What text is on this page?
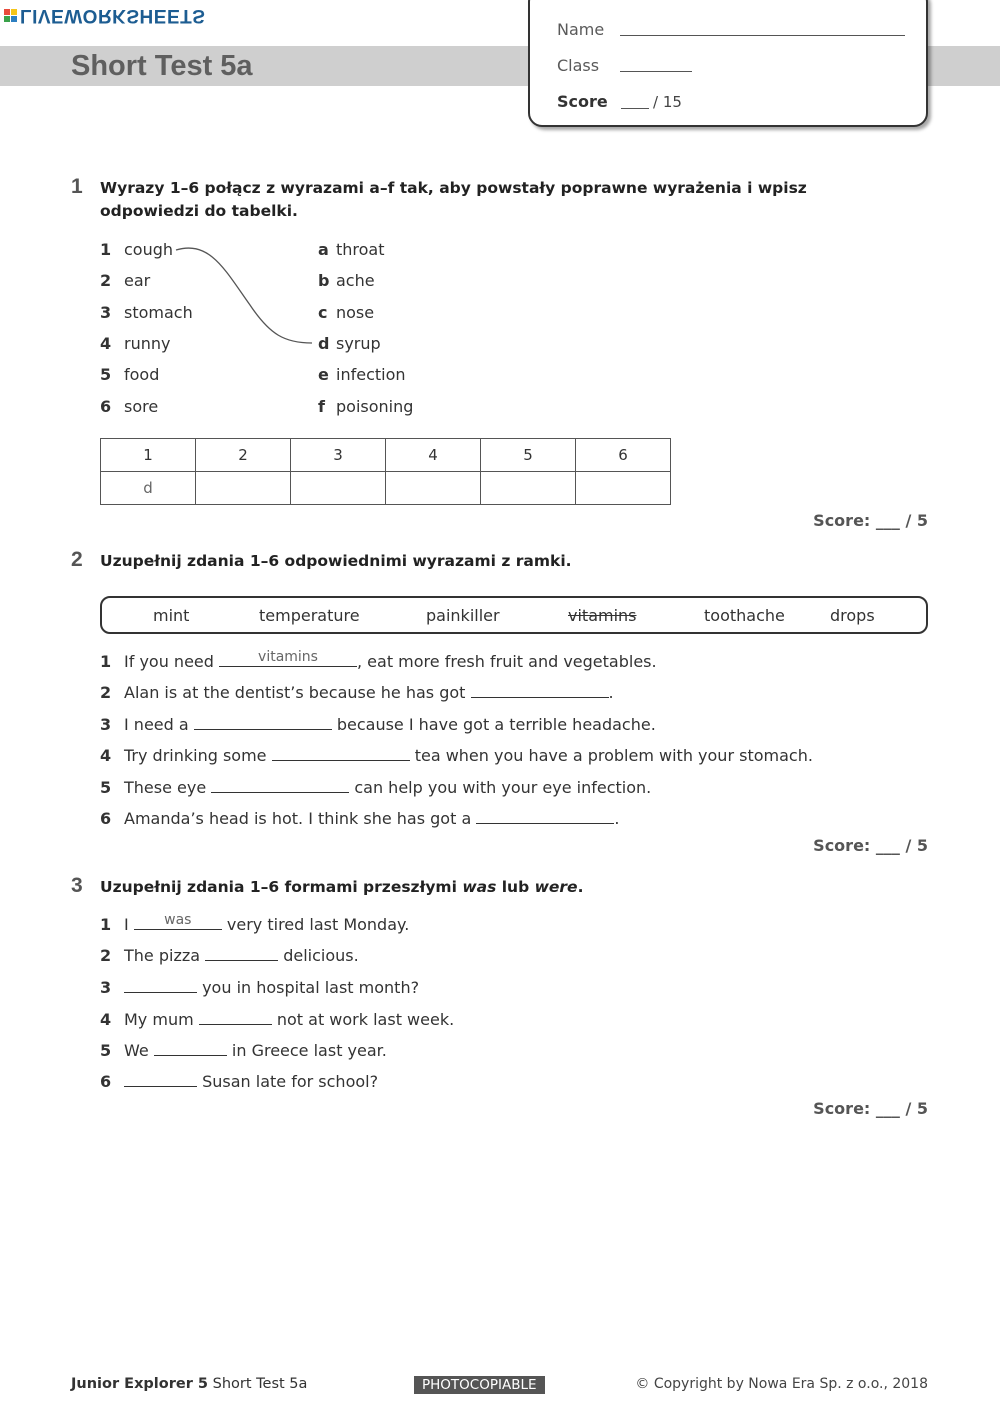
LIVEWORKSHEETS
Short Test 5a
Name
Class
Score	/ 15
1 Wyrazy 1–6 połącz z wyrazami a–f tak, aby powstały poprawne wyrażenia i wpisz odpowiedzi do tabelki.
1 cough
2 ear
3 stomach
4 runny
5 food
6 sore
a throat
b ache
c nose
d syrup
e infection
f poisoning
1	2	3	4	5	6
d					
Score: ___ / 5
2 Uzupełnij zdania 1–6 odpowiednimi wyrazami z ramki.
mint	temperature	painkiller	vitamins	toothache	drops
1 If you need	vitamins	, eat more fresh fruit and vegetables.
2 Alan is at the dentist’s because he has got	.
3 I need a	because I have got a terrible headache.
4 Try drinking some	tea when you have a problem with your stomach.
5 These eye	can help you with your eye infection.
6 Amanda’s head is hot. I think she has got a	.
Score: ___ / 5
3 Uzupełnij zdania 1–6 formami przeszłymi was lub were.
1 I	was	very tired last Monday.
2 The pizza	delicious.
3	you in hospital last month?
4 My mum	not at work last week.
5 We	in Greece last year.
6	Susan late for school?
Score: ___ / 5
Junior Explorer 5 Short Test 5a	PHOTOCOPIABLE	© Copyright by Nowa Era Sp. z o.o., 2018
